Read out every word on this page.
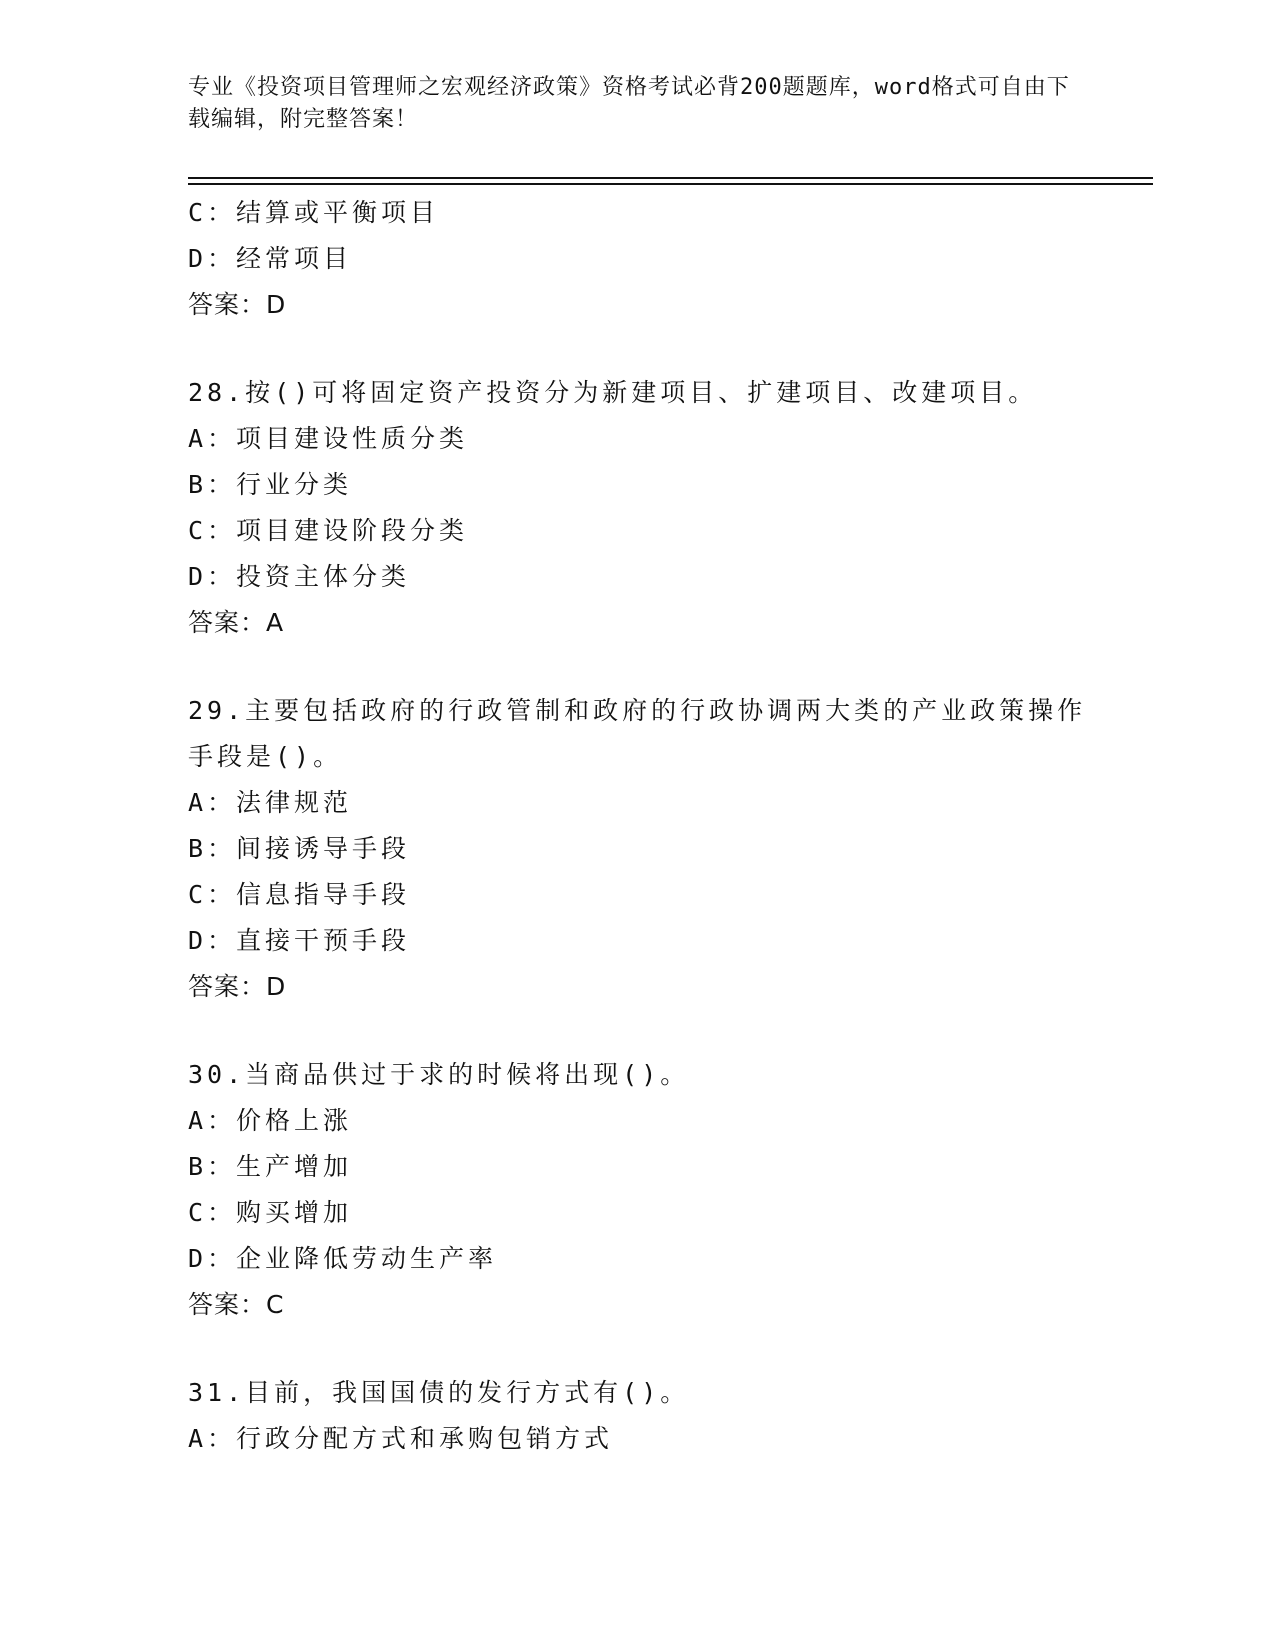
专业《投资项目管理师之宏观经济政策》资格考试必背200题题库，word格式可自由下载编辑，附完整答案！
C：结算或平衡项目
D：经常项目
答案：D
28.按()可将固定资产投资分为新建项目、扩建项目、改建项目。
A：项目建设性质分类
B：行业分类
C：项目建设阶段分类
D：投资主体分类
答案：A
29.主要包括政府的行政管制和政府的行政协调两大类的产业政策操作手段是()。
A：法律规范
B：间接诱导手段
C：信息指导手段
D：直接干预手段
答案：D
30.当商品供过于求的时候将出现()。
A：价格上涨
B：生产增加
C：购买增加
D：企业降低劳动生产率
答案：C
31.目前，我国国债的发行方式有()。
A：行政分配方式和承购包销方式
